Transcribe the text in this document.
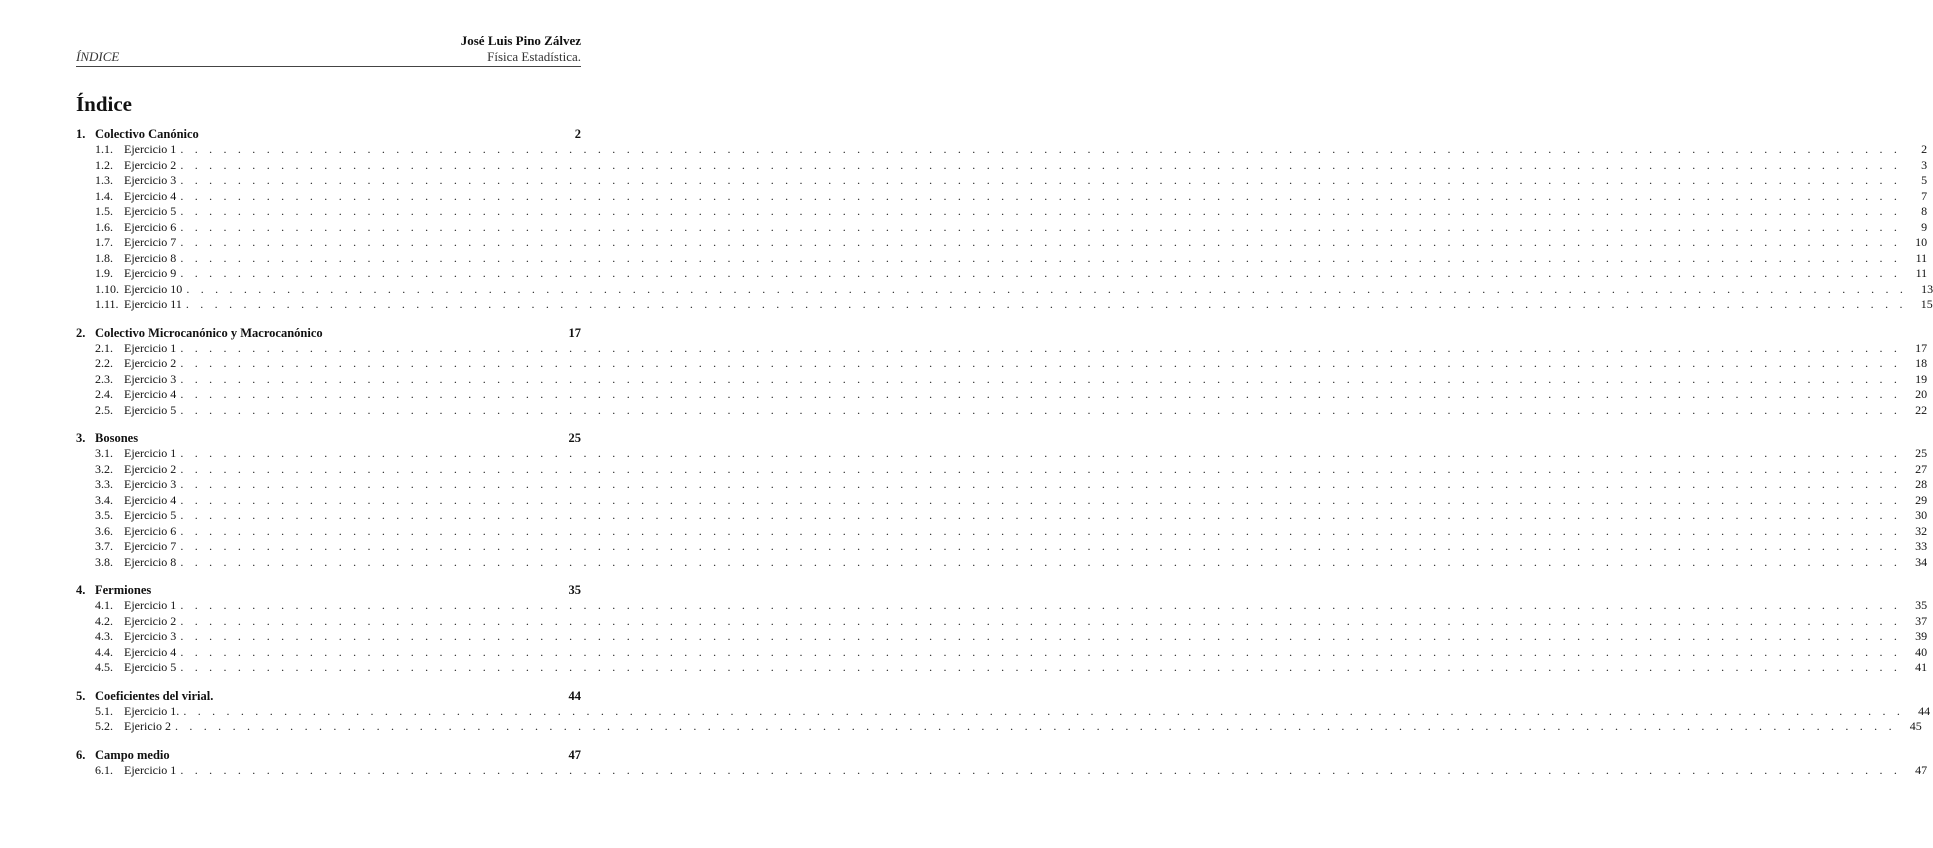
José Luis Pino Zálvez
ÍNDICE	Física Estadística.
Índice
1. Colectivo Canónico	2
1.1. Ejercicio 1 . . . . . . . . . . . . . . . . . . . . . . . . . . . . . . . . . . . . . . . . . . . . . . . . . . . . . . . . . . . . . . . . . . . . . . . . . . . . . . . . . . . . . . . . . . . . . . . . . . . . . . . . . . . . . . . . . . . . . . . .	2
1.2. Ejercicio 2 . . . . . . . . . . . . . . . . . . . . . . . . . . . . . . . . . . . . . . . . . . . . . . . . . . . . . . . . . . . . . . . . . . . . . . . . . . . . . . . . . . . . . . . . . . . . . . . . . . . . . . . . . . . . . . . . . . . . . . . .	3
1.3. Ejercicio 3 . . . . . . . . . . . . . . . . . . . . . . . . . . . . . . . . . . . . . . . . . . . . . . . . . . . . . . . . . . . . . . . . . . . . . . . . . . . . . . . . . . . . . . . . . . . . . . . . . . . . . . . . . . . . . . . . . . . . . . . .	5
1.4. Ejercicio 4 . . . . . . . . . . . . . . . . . . . . . . . . . . . . . . . . . . . . . . . . . . . . . . . . . . . . . . . . . . . . . . . . . . . . . . . . . . . . . . . . . . . . . . . . . . . . . . . . . . . . . . . . . . . . . . . . . . . . . . . .	7
1.5. Ejercicio 5 . . . . . . . . . . . . . . . . . . . . . . . . . . . . . . . . . . . . . . . . . . . . . . . . . . . . . . . . . . . . . . . . . . . . . . . . . . . . . . . . . . . . . . . . . . . . . . . . . . . . . . . . . . . . . . . . . . . . . . . .	8
1.6. Ejercicio 6 . . . . . . . . . . . . . . . . . . . . . . . . . . . . . . . . . . . . . . . . . . . . . . . . . . . . . . . . . . . . . . . . . . . . . . . . . . . . . . . . . . . . . . . . . . . . . . . . . . . . . . . . . . . . . . . . . . . . . . . .	9
1.7. Ejercicio 7 . . . . . . . . . . . . . . . . . . . . . . . . . . . . . . . . . . . . . . . . . . . . . . . . . . . . . . . . . . . . . . . . . . . . . . . . . . . . . . . . . . . . . . . . . . . . . . . . . . . . . . . . . . . . . . . . . . . . . . . .	10
1.8. Ejercicio 8 . . . . . . . . . . . . . . . . . . . . . . . . . . . . . . . . . . . . . . . . . . . . . . . . . . . . . . . . . . . . . . . . . . . . . . . . . . . . . . . . . . . . . . . . . . . . . . . . . . . . . . . . . . . . . . . . . . . . . . . .	11
1.9. Ejercicio 9 . . . . . . . . . . . . . . . . . . . . . . . . . . . . . . . . . . . . . . . . . . . . . . . . . . . . . . . . . . . . . . . . . . . . . . . . . . . . . . . . . . . . . . . . . . . . . . . . . . . . . . . . . . . . . . . . . . . . . . . .	11
1.10. Ejercicio 10 . . . . . . . . . . . . . . . . . . . . . . . . . . . . . . . . . . . . . . . . . . . . . . . . . . . . . . . . . . . . . . . . . . . . . . . . . . . . . . . . . . . . . . . . . . . . . . . . . . . . . . . . . . . . . . . . . . . . . . . .	13
1.11. Ejercicio 11 . . . . . . . . . . . . . . . . . . . . . . . . . . . . . . . . . . . . . . . . . . . . . . . . . . . . . . . . . . . . . . . . . . . . . . . . . . . . . . . . . . . . . . . . . . . . . . . . . . . . . . . . . . . . . . . . . . . . . . . .	15
2. Colectivo Microcanónico y Macrocanónico	17
2.1. Ejercicio 1 . . . . . . . . . . . . . . . . . . . . . . . . . . . . . . . . . . . . . . . . . . . . . . . . . . . . . . . . . . . . . . . . . . . . . . . . . . . . . . . . . . . . . . . . . . . . . . . . . . . . . . . . . . . . . . . . . . . . . . . .	17
2.2. Ejercicio 2 . . . . . . . . . . . . . . . . . . . . . . . . . . . . . . . . . . . . . . . . . . . . . . . . . . . . . . . . . . . . . . . . . . . . . . . . . . . . . . . . . . . . . . . . . . . . . . . . . . . . . . . . . . . . . . . . . . . . . . . .	18
2.3. Ejercicio 3 . . . . . . . . . . . . . . . . . . . . . . . . . . . . . . . . . . . . . . . . . . . . . . . . . . . . . . . . . . . . . . . . . . . . . . . . . . . . . . . . . . . . . . . . . . . . . . . . . . . . . . . . . . . . . . . . . . . . . . . .	19
2.4. Ejercicio 4 . . . . . . . . . . . . . . . . . . . . . . . . . . . . . . . . . . . . . . . . . . . . . . . . . . . . . . . . . . . . . . . . . . . . . . . . . . . . . . . . . . . . . . . . . . . . . . . . . . . . . . . . . . . . . . . . . . . . . . . .	20
2.5. Ejercicio 5 . . . . . . . . . . . . . . . . . . . . . . . . . . . . . . . . . . . . . . . . . . . . . . . . . . . . . . . . . . . . . . . . . . . . . . . . . . . . . . . . . . . . . . . . . . . . . . . . . . . . . . . . . . . . . . . . . . . . . . . .	22
3. Bosones	25
3.1. Ejercicio 1 . . . . . . . . . . . . . . . . . . . . . . . . . . . . . . . . . . . . . . . . . . . . . . . . . . . . . . . . . . . . . . . . . . . . . . . . . . . . . . . . . . . . . . . . . . . . . . . . . . . . . . . . . . . . . . . . . . . . . . . .	25
3.2. Ejercicio 2 . . . . . . . . . . . . . . . . . . . . . . . . . . . . . . . . . . . . . . . . . . . . . . . . . . . . . . . . . . . . . . . . . . . . . . . . . . . . . . . . . . . . . . . . . . . . . . . . . . . . . . . . . . . . . . . . . . . . . . . .	27
3.3. Ejercicio 3 . . . . . . . . . . . . . . . . . . . . . . . . . . . . . . . . . . . . . . . . . . . . . . . . . . . . . . . . . . . . . . . . . . . . . . . . . . . . . . . . . . . . . . . . . . . . . . . . . . . . . . . . . . . . . . . . . . . . . . . .	28
3.4. Ejercicio 4 . . . . . . . . . . . . . . . . . . . . . . . . . . . . . . . . . . . . . . . . . . . . . . . . . . . . . . . . . . . . . . . . . . . . . . . . . . . . . . . . . . . . . . . . . . . . . . . . . . . . . . . . . . . . . . . . . . . . . . . .	29
3.5. Ejercicio 5 . . . . . . . . . . . . . . . . . . . . . . . . . . . . . . . . . . . . . . . . . . . . . . . . . . . . . . . . . . . . . . . . . . . . . . . . . . . . . . . . . . . . . . . . . . . . . . . . . . . . . . . . . . . . . . . . . . . . . . . .	30
3.6. Ejercicio 6 . . . . . . . . . . . . . . . . . . . . . . . . . . . . . . . . . . . . . . . . . . . . . . . . . . . . . . . . . . . . . . . . . . . . . . . . . . . . . . . . . . . . . . . . . . . . . . . . . . . . . . . . . . . . . . . . . . . . . . . .	32
3.7. Ejercicio 7 . . . . . . . . . . . . . . . . . . . . . . . . . . . . . . . . . . . . . . . . . . . . . . . . . . . . . . . . . . . . . . . . . . . . . . . . . . . . . . . . . . . . . . . . . . . . . . . . . . . . . . . . . . . . . . . . . . . . . . . .	33
3.8. Ejercicio 8 . . . . . . . . . . . . . . . . . . . . . . . . . . . . . . . . . . . . . . . . . . . . . . . . . . . . . . . . . . . . . . . . . . . . . . . . . . . . . . . . . . . . . . . . . . . . . . . . . . . . . . . . . . . . . . . . . . . . . . . .	34
4. Fermiones	35
4.1. Ejercicio 1 . . . . . . . . . . . . . . . . . . . . . . . . . . . . . . . . . . . . . . . . . . . . . . . . . . . . . . . . . . . . . . . . . . . . . . . . . . . . . . . . . . . . . . . . . . . . . . . . . . . . . . . . . . . . . . . . . . . . . . . .	35
4.2. Ejercicio 2 . . . . . . . . . . . . . . . . . . . . . . . . . . . . . . . . . . . . . . . . . . . . . . . . . . . . . . . . . . . . . . . . . . . . . . . . . . . . . . . . . . . . . . . . . . . . . . . . . . . . . . . . . . . . . . . . . . . . . . . .	37
4.3. Ejercicio 3 . . . . . . . . . . . . . . . . . . . . . . . . . . . . . . . . . . . . . . . . . . . . . . . . . . . . . . . . . . . . . . . . . . . . . . . . . . . . . . . . . . . . . . . . . . . . . . . . . . . . . . . . . . . . . . . . . . . . . . . .	39
4.4. Ejercicio 4 . . . . . . . . . . . . . . . . . . . . . . . . . . . . . . . . . . . . . . . . . . . . . . . . . . . . . . . . . . . . . . . . . . . . . . . . . . . . . . . . . . . . . . . . . . . . . . . . . . . . . . . . . . . . . . . . . . . . . . . .	40
4.5. Ejercicio 5 . . . . . . . . . . . . . . . . . . . . . . . . . . . . . . . . . . . . . . . . . . . . . . . . . . . . . . . . . . . . . . . . . . . . . . . . . . . . . . . . . . . . . . . . . . . . . . . . . . . . . . . . . . . . . . . . . . . . . . . .	41
5. Coeficientes del virial.	44
5.1. Ejercicio 1. . . . . . . . . . . . . . . . . . . . . . . . . . . . . . . . . . . . . . . . . . . . . . . . . . . . . . . . . . . . . . . . . . . . . . . . . . . . . . . . . . . . . . . . . . . . . . . . . . . . . . . . . . . . . . . . . . . . . . . . .	44
5.2. Ejericio 2 . . . . . . . . . . . . . . . . . . . . . . . . . . . . . . . . . . . . . . . . . . . . . . . . . . . . . . . . . . . . . . . . . . . . . . . . . . . . . . . . . . . . . . . . . . . . . . . . . . . . . . . . . . . . . . . . . . . . . . . .	45
6. Campo medio	47
6.1. Ejercicio 1 . . . . . . . . . . . . . . . . . . . . . . . . . . . . . . . . . . . . . . . . . . . . . . . . . . . . . . . . . . . . . . . . . . . . . . . . . . . . . . . . . . . . . . . . . . . . . . . . . . . . . . . . . . . . . . . . . . . . . . . .	47
